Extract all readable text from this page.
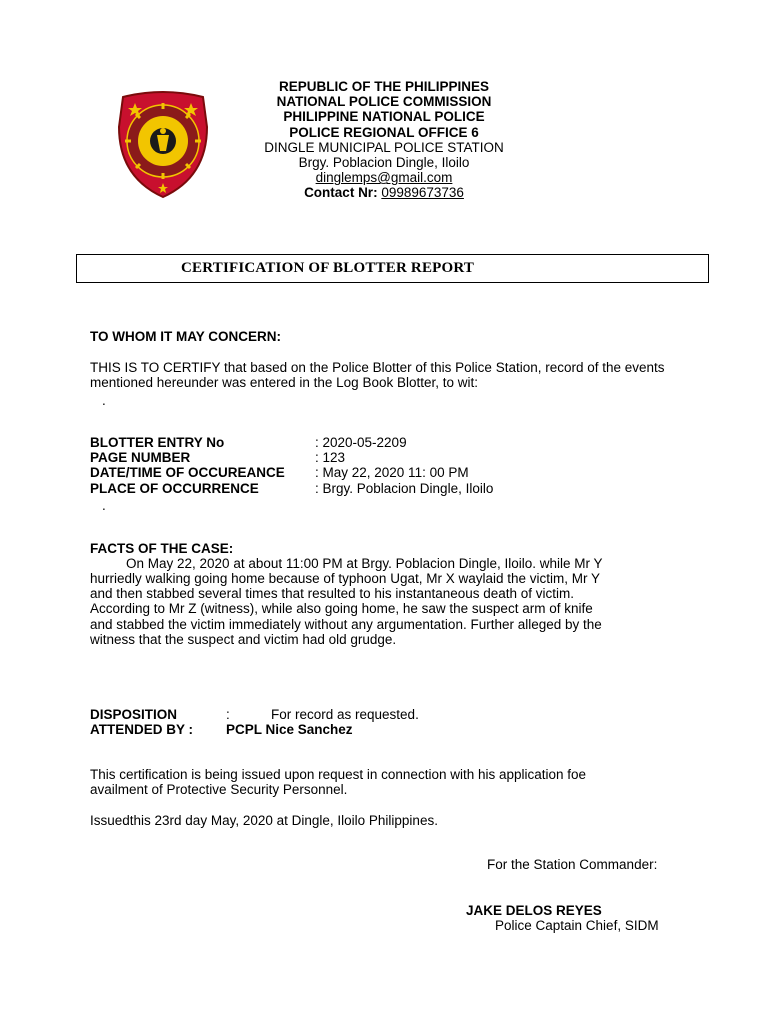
REPUBLIC OF THE PHILIPPINES
NATIONAL POLICE COMMISSION
PHILIPPINE NATIONAL POLICE
POLICE REGIONAL OFFICE 6
DINGLE MUNICIPAL POLICE STATION
Brgy. Poblacion Dingle, Iloilo
dinglemps@gmail.com
Contact Nr: 09989673736
CERTIFICATION OF BLOTTER REPORT
TO WHOM IT MAY CONCERN:
THIS IS TO CERTIFY that based on the Police Blotter of this Police Station, record of the events mentioned hereunder was entered in the Log Book Blotter, to wit:
.
BLOTTER ENTRY No	: 2020-05-2209
PAGE NUMBER	: 123
DATE/TIME OF OCCUREANCE : May 22, 2020 11: 00 PM
PLACE OF OCCURRENCE	: Brgy. Poblacion Dingle, Iloilo
.
FACTS OF THE CASE:
On May 22, 2020 at about 11:00 PM at Brgy. Poblacion Dingle, Iloilo. while Mr Y
hurriedly walking going home because of typhoon Ugat, Mr X waylaid the victim, Mr Y
and then stabbed several times that resulted to his instantaneous death of victim.
According to Mr Z (witness), while also going home, he saw the suspect arm of knife
and stabbed the victim immediately without any argumentation. Further alleged by the
witness that the suspect and victim had old grudge.
DISPOSITION	:	For record as requested.
ATTENDED BY : PCPL Nice Sanchez
This certification is being issued upon request in connection with his application foe
availment of Protective Security Personnel.
Issuedthis 23rd day May, 2020 at Dingle, Iloilo Philippines.
For the Station Commander:
JAKE DELOS REYES
Police Captain Chief, SIDM
